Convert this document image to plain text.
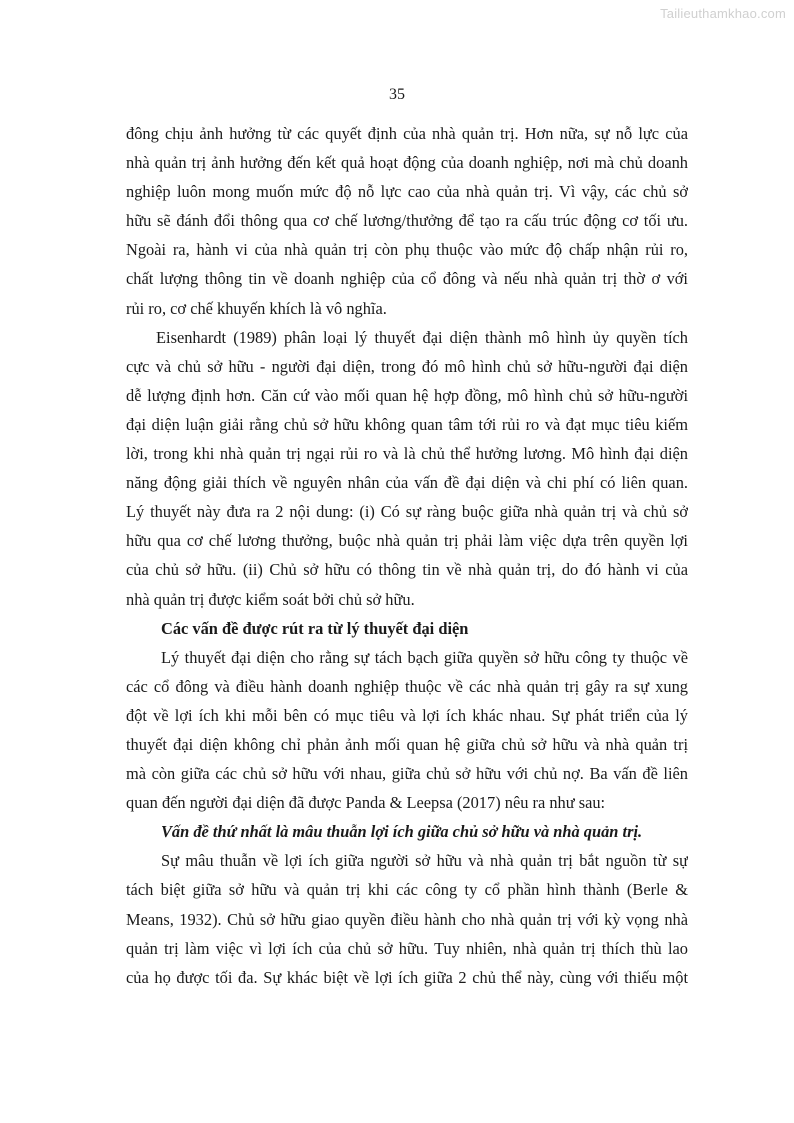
Tailieuthamkhao.com
35
đông chịu ảnh hưởng từ các quyết định của nhà quản trị. Hơn nữa, sự nỗ lực của
nhà quản trị ảnh hưởng đến kết quả hoạt động của doanh nghiệp, nơi mà chủ doanh
nghiệp luôn mong muốn mức độ nỗ lực cao của nhà quản trị. Vì vậy, các chủ sở
hữu sẽ đánh đổi thông qua cơ chế lương/thưởng để tạo ra cấu trúc động cơ tối ưu.
Ngoài ra, hành vi của nhà quản trị còn phụ thuộc vào mức độ chấp nhận rủi ro,
chất lượng thông tin về doanh nghiệp của cổ đông và nếu nhà quản trị thờ ơ với
rủi ro, cơ chế khuyến khích là vô nghĩa.
Eisenhardt (1989) phân loại lý thuyết đại diện thành mô hình ủy quyền tích
cực và chủ sở hữu - người đại diện, trong đó mô hình chủ sở hữu-người đại diện
dễ lượng định hơn. Căn cứ vào mối quan hệ hợp đồng, mô hình chủ sở hữu-người
đại diện luận giải rằng chủ sở hữu không quan tâm tới rủi ro và đạt mục tiêu kiếm
lời, trong khi nhà quản trị ngại rủi ro và là chủ thể hưởng lương. Mô hình đại diện
năng động giải thích về nguyên nhân của vấn đề đại diện và chi phí có liên quan.
Lý thuyết này đưa ra 2 nội dung: (i) Có sự ràng buộc giữa nhà quản trị và chủ sở
hữu qua cơ chế lương thưởng, buộc nhà quản trị phải làm việc dựa trên quyền lợi
của chủ sở hữu. (ii) Chủ sở hữu có thông tin về nhà quản trị, do đó hành vi của
nhà quản trị được kiểm soát bởi chủ sở hữu.
Các vấn đề được rút ra từ lý thuyết đại diện
Lý thuyết đại diện cho rằng sự tách bạch giữa quyền sở hữu công ty thuộc về
các cổ đông và điều hành doanh nghiệp thuộc về các nhà quản trị gây ra sự xung
đột về lợi ích khi mỗi bên có mục tiêu và lợi ích khác nhau. Sự phát triển của lý
thuyết đại diện không chỉ phản ảnh mối quan hệ giữa chủ sở hữu và nhà quản trị
mà còn giữa các chủ sở hữu với nhau, giữa chủ sở hữu với chủ nợ. Ba vấn đề liên
quan đến người đại diện đã được Panda & Leepsa (2017) nêu ra như sau:
Vấn đề thứ nhất là mâu thuẫn lợi ích giữa chủ sở hữu và nhà quản trị.
Sự mâu thuẫn về lợi ích giữa người sở hữu và nhà quản trị bắt nguồn từ sự
tách biệt giữa sở hữu và quản trị khi các công ty cổ phần hình thành (Berle &
Means, 1932). Chủ sở hữu giao quyền điều hành cho nhà quản trị với kỳ vọng nhà
quản trị làm việc vì lợi ích của chủ sở hữu. Tuy nhiên, nhà quản trị thích thù lao
của họ được tối đa. Sự khác biệt về lợi ích giữa 2 chủ thể này, cùng với thiếu một
